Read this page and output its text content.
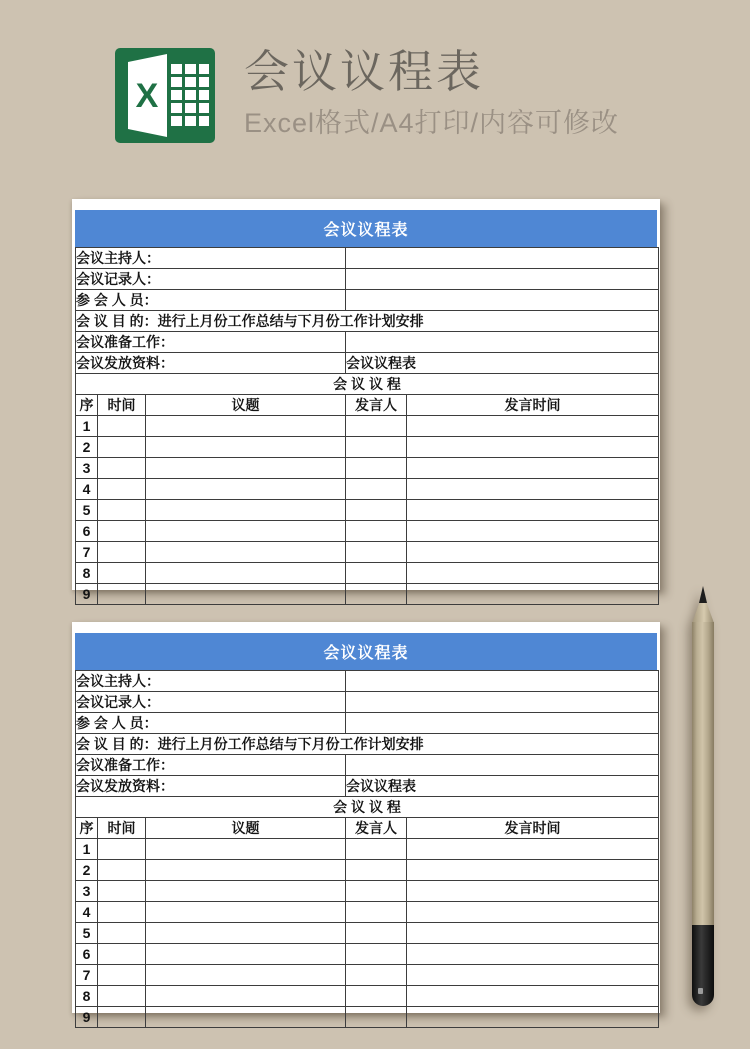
X 会议议程表
Excel格式/A4打印/内容可修改
会议议程表
会议主持人：				
会议记录人：				
参 会 人 员：				
会 议 目 的：进行上月份工作总结与下月份工作计划安排				
会议准备工作：				
会议发放资料：			会议议程表	
会 议 议 程				
序	时间	议题	发言人	发言时间
1				
2				
3				
4				
5				
6				
7				
8				
9				
会议议程表
会议主持人：				
会议记录人：				
参 会 人 员：				
会 议 目 的：进行上月份工作总结与下月份工作计划安排				
会议准备工作：				
会议发放资料：			会议议程表	
会 议 议 程				
序	时间	议题	发言人	发言时间
1				
2				
3				
4				
5				
6				
7				
8				
9				
